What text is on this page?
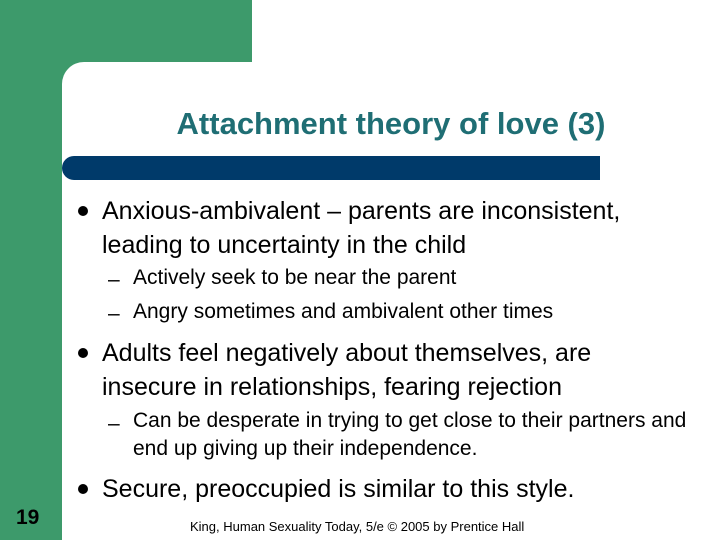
Attachment theory of love (3)
Anxious-ambivalent – parents are inconsistent, leading to uncertainty in the child
– Actively seek to be near the parent
– Angry sometimes and ambivalent other times
Adults feel negatively about themselves, are insecure in relationships, fearing rejection
– Can be desperate in trying to get close to their partners and end up giving up their independence.
Secure, preoccupied is similar to this style.
19	King, Human Sexuality Today, 5/e © 2005 by Prentice Hall
